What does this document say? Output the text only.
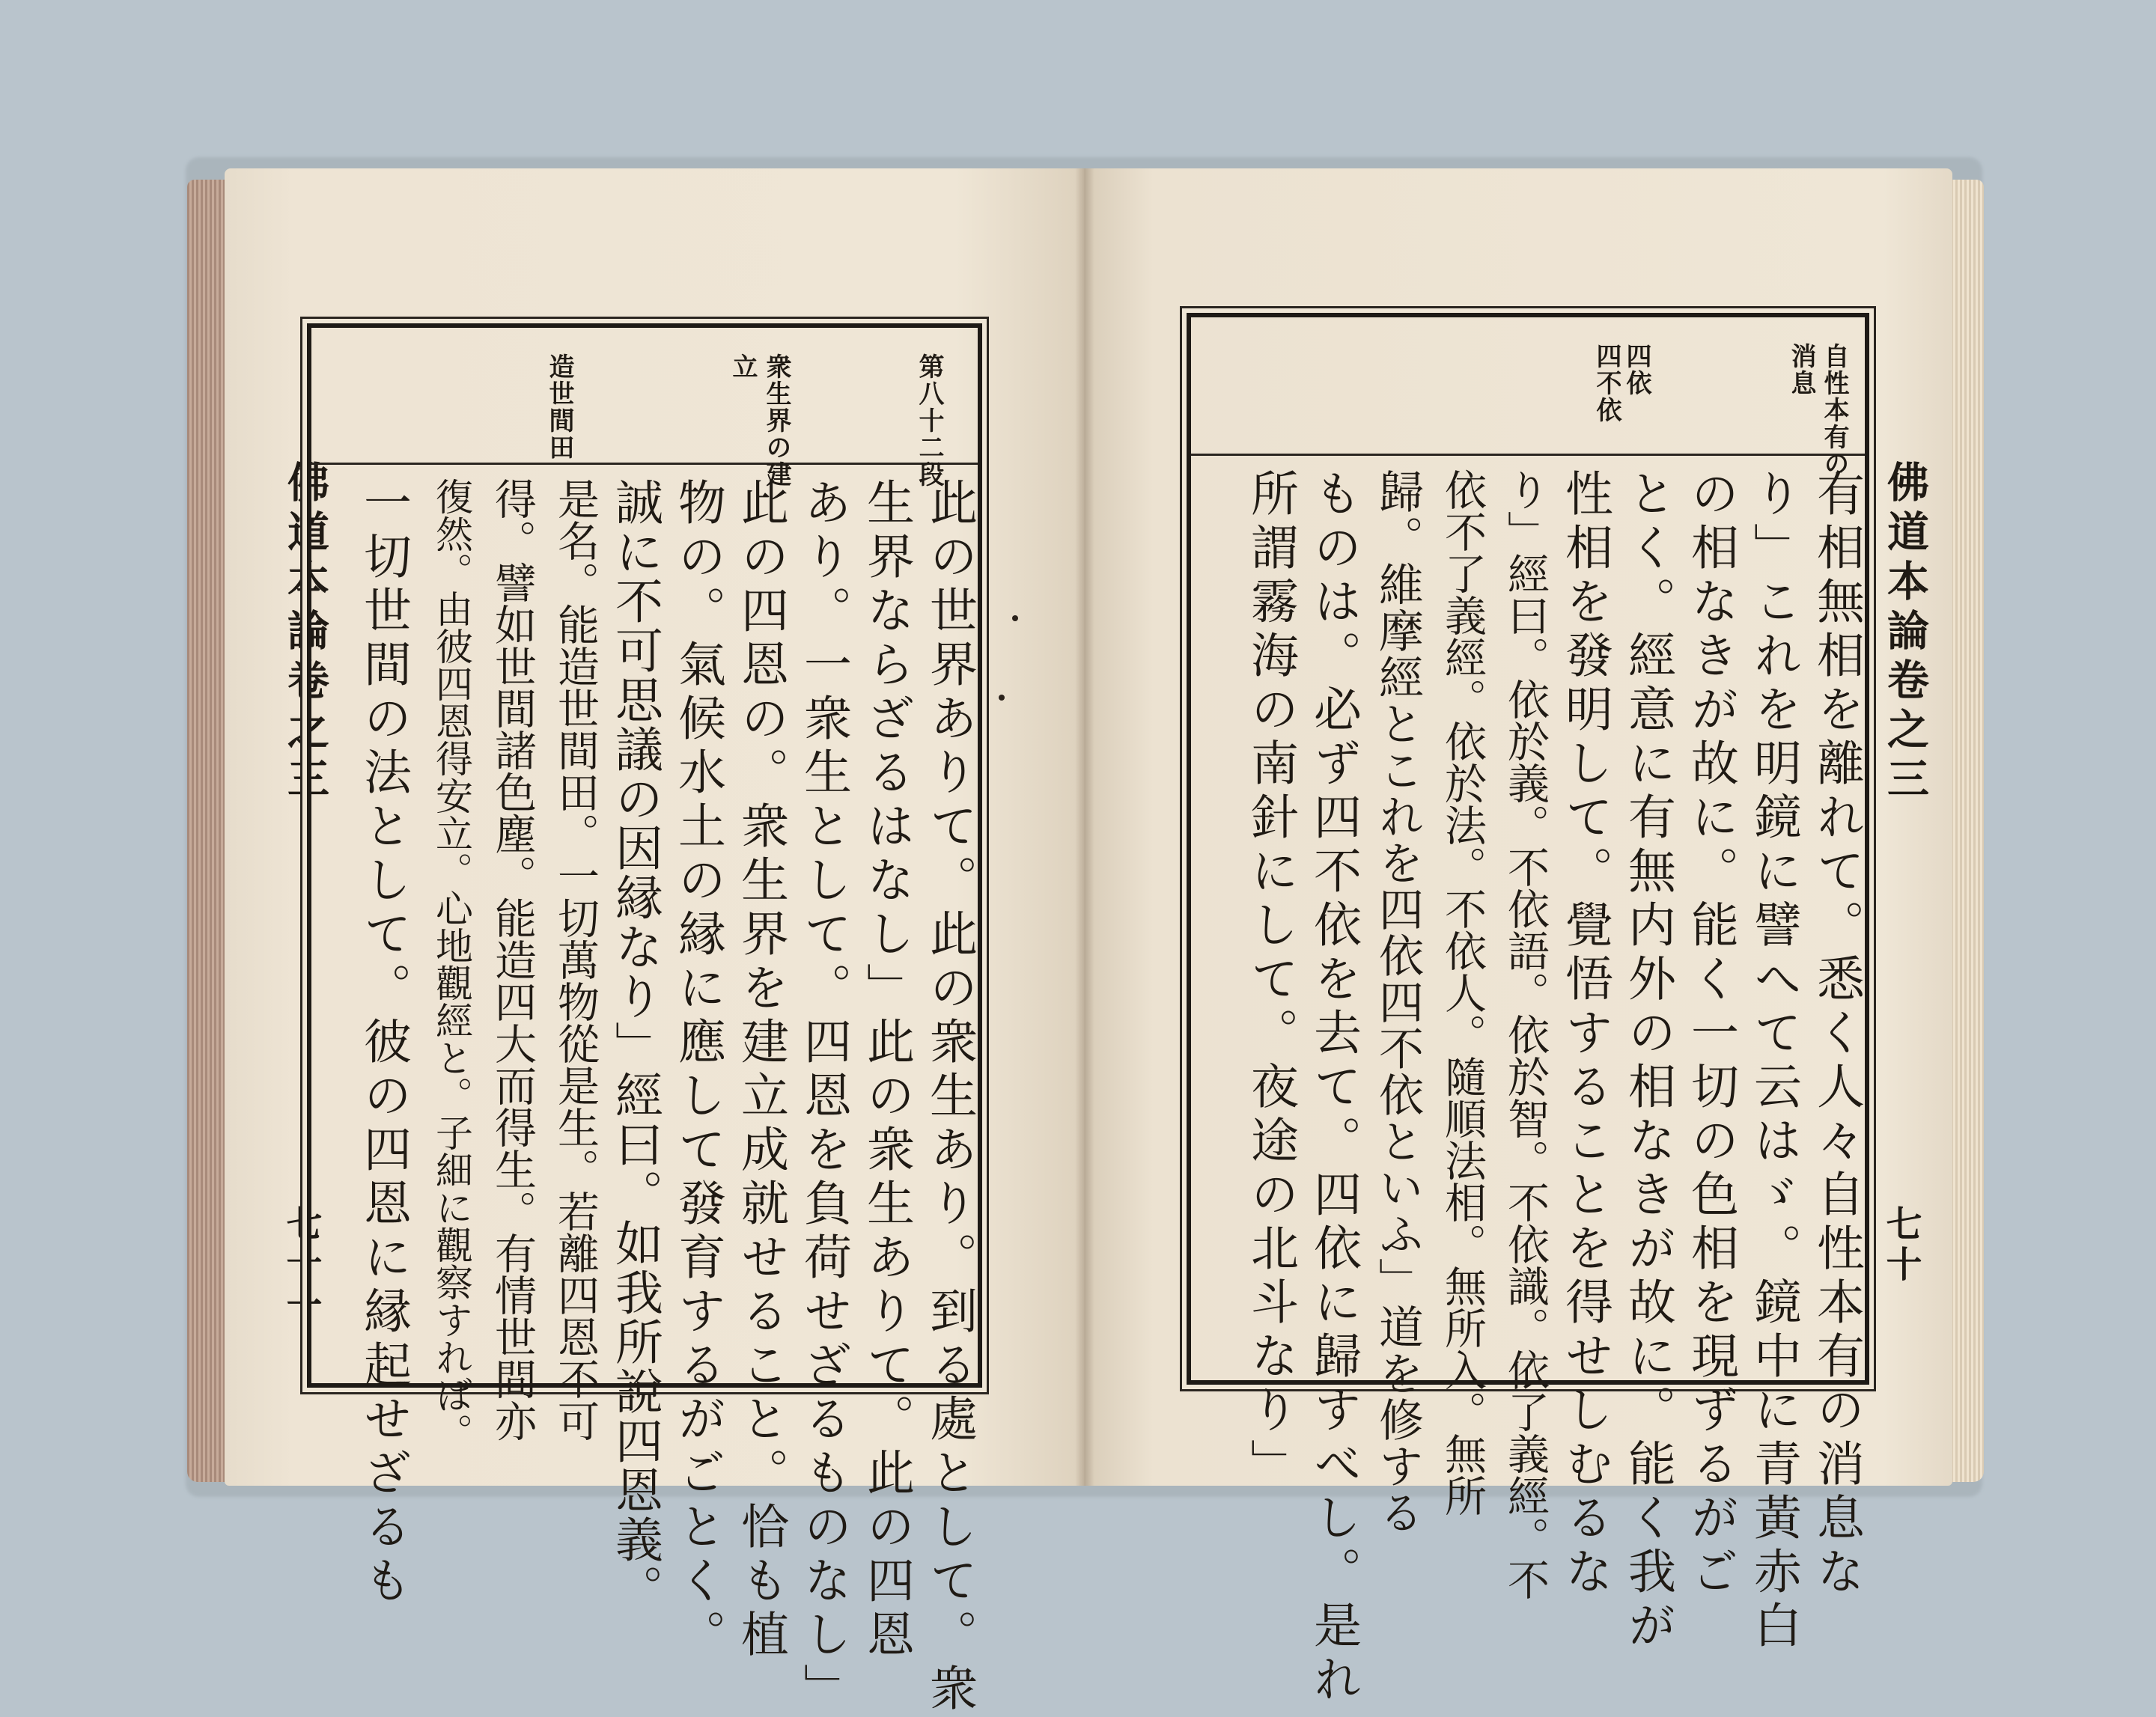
佛道本論卷之三
七十一
佛道本論卷之三
七十
第八十二段
衆生界の建
立
造世間田
此の世界ありて。此の衆生あり。到る處として。衆
生界ならざるはなし」此の衆生ありて。此の四恩
あり。一衆生として。四恩を負荷せざるものなし」
此の四恩の。衆生界を建立成就せること。恰も植
物の。氣候水土の縁に應して發育するがごとく。
誠に不可思議の因縁なり」經曰。如我所說四恩義。
是名。能造世間田。一切萬物從是生。若離四恩不可
得。譬如世間諸色塵。能造四大而得生。有情世間亦
復然。由彼四恩得安立。心地觀經と。子細に觀察すれば。
一切世間の法として。彼の四恩に縁起せざるも
自性本有の
消息
四依
四不依
有相無相を離れて。悉く人々自性本有の消息な
り」これを明鏡に譬へて云はゞ。鏡中に青黃赤白
の相なきが故に。能く一切の色相を現ずるがご
とく。經意に有無内外の相なきが故に。能く我が
性相を發明して。覺悟することを得せしむるな
り」經曰。依於義。不依語。依於智。不依識。依了義經。不
依不了義經。依於法。不依人。隨順法相。無所入。無所
歸。維摩經とこれを四依四不依といふ」道を修する
ものは。必ず四不依を去て。四依に歸すべし。是れ
所謂霧海の南針にして。夜途の北斗なり」
